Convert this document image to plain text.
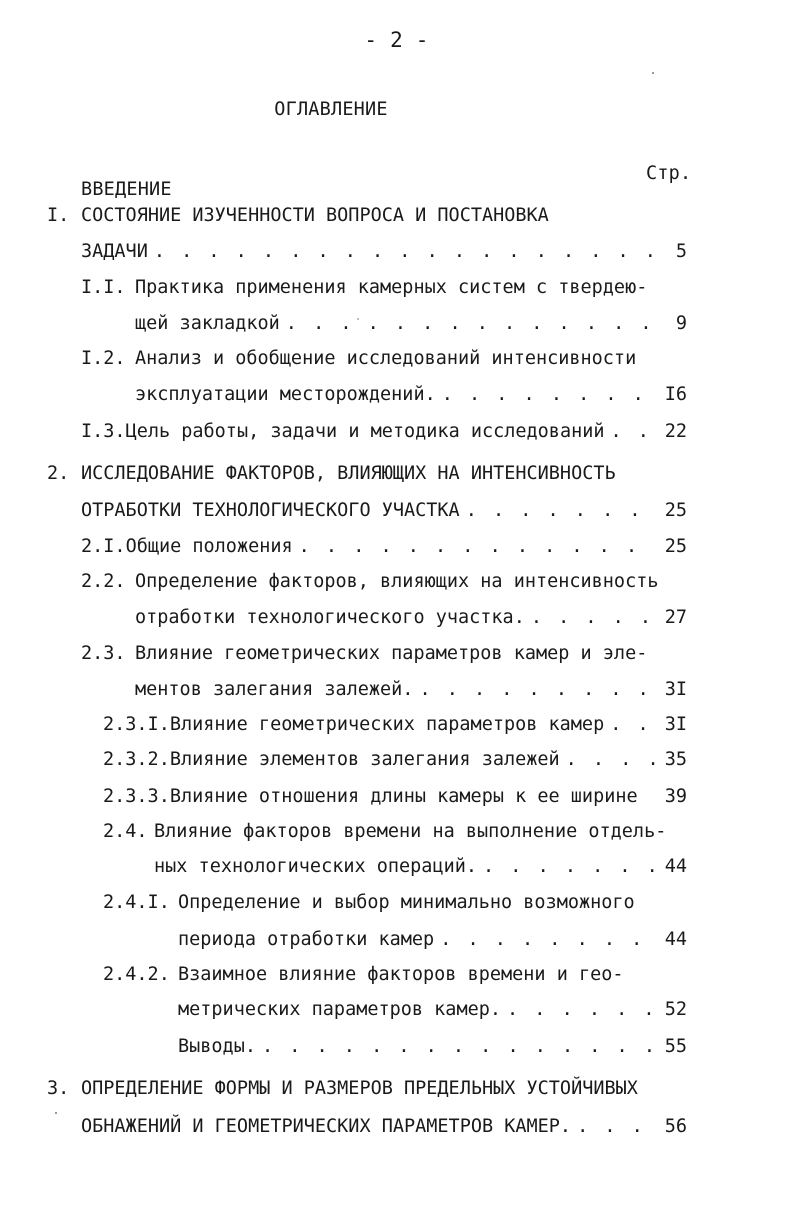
- 2 -
ОГЛАВЛЕНИЕ
Стр.
ВВЕДЕНИЕ
I. СОСТОЯНИЕ ИЗУЧЕННОСТИ ВОПРОСА И ПОСТАНОВКА
ЗАДАЧИ . . .	5
I.I. Практика применения камерных систем с твердею-
щей закладкой . . .	9
I.2. Анализ и обобщение исследований интенсивности
эксплуатации месторождений. . . .	I6
I.3. Цель работы, задачи и методика исследований . . .	22
2. ИССЛЕДОВАНИЕ ФАКТОРОВ, ВЛИЯЮЩИХ НА ИНТЕНСИВНОСТЬ
ОТРАБОТКИ ТЕХНОЛОГИЧЕСКОГО УЧАСТКА . . .	25
2.I. Общие положения . . .	25
2.2. Определение факторов, влияющих на интенсивность
отработки технологического участка. . . .	27
2.3. Влияние геометрических параметров камер и эле-
ментов залегания залежей. . . .	3I
2.3.I. Влияние геометрических параметров камер . . .	3I
2.3.2. Влияние элементов залегания залежей . . .	35
2.3.3. Влияние отношения длины камеры к ее ширине 39
2.4. Влияние факторов времени на выполнение отдель-
ных технологических операций. . . .	44
2.4.I. Определение и выбор минимально возможного
периода отработки камер . . .	44
2.4.2. Взаимное влияние факторов времени и гео-
метрических параметров камер. . . .	52
Выводы. . . .	55
3. ОПРЕДЕЛЕНИЕ ФОРМЫ И РАЗМЕРОВ ПРЕДЕЛЬНЫХ УСТОЙЧИВЫХ
ОБНАЖЕНИЙ И ГЕОМЕТРИЧЕСКИХ ПАРАМЕТРОВ КАМЕР. . . .	56
